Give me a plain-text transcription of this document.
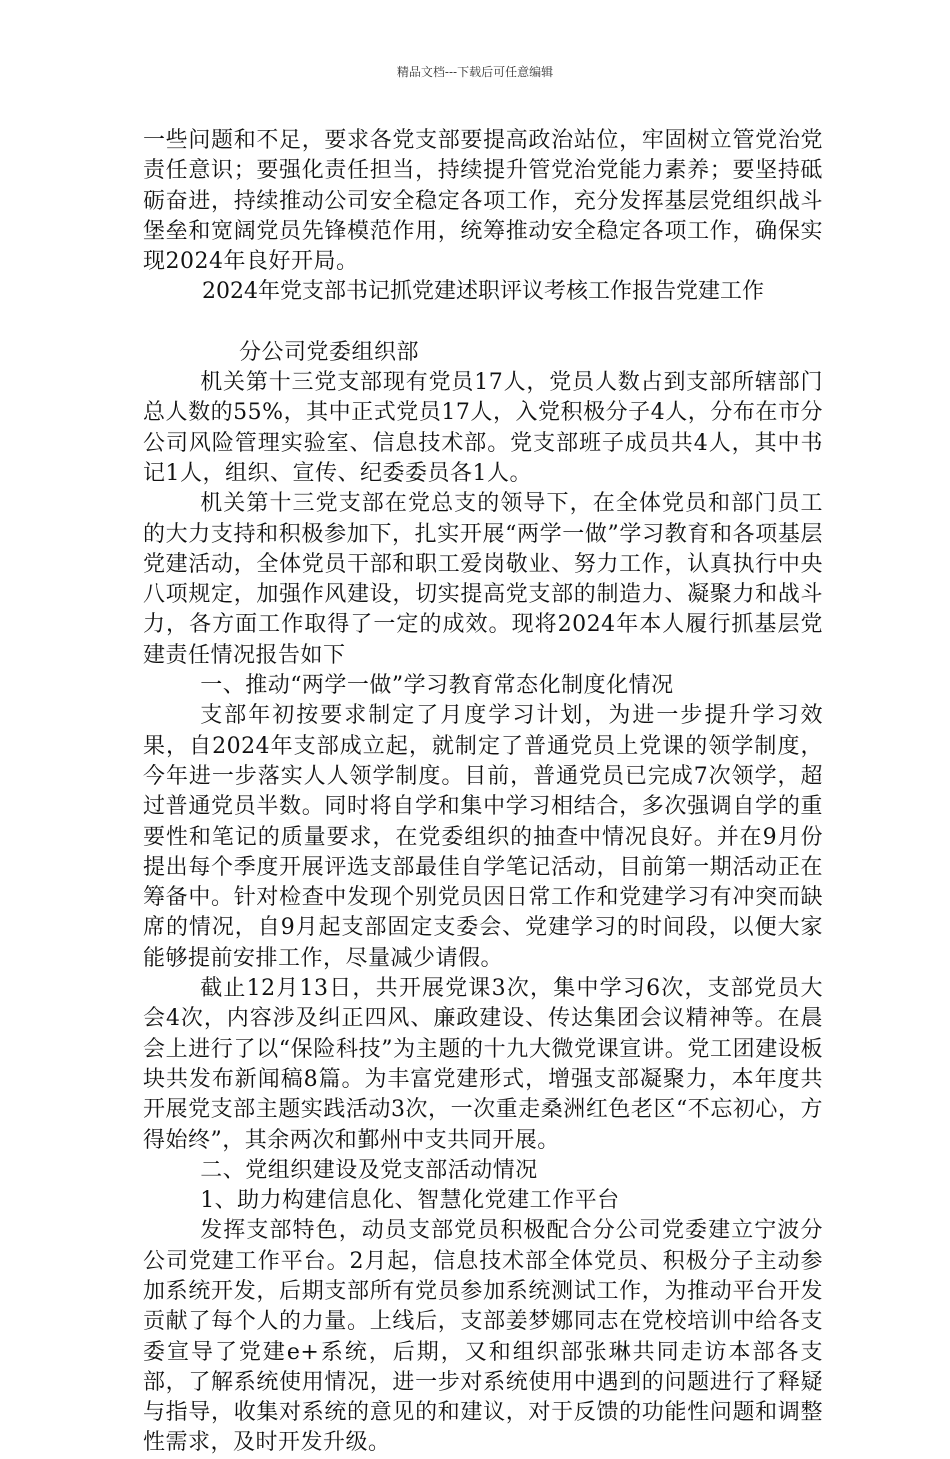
精品文档---下载后可任意编辑

一些问题和不足，要求各党支部要提高政治站位，牢固树立管党治党责任意识；要强化责任担当，持续提升管党治党能力素养；要坚持砥砺奋进，持续推动公司安全稳定各项工作，充分发挥基层党组织战斗堡垒和宽阔党员先锋模范作用，统筹推动安全稳定各项工作，确保实现2024年良好开局。

2024年党支部书记抓党建述职评议考核工作报告党建工作

分公司党委组织部

机关第十三党支部现有党员17人，党员人数占到支部所辖部门总人数的55%，其中正式党员17人，入党积极分子4人，分布在市分公司风险管理实验室、信息技术部。党支部班子成员共4人，其中书记1人，组织、宣传、纪委委员各1人。

机关第十三党支部在党总支的领导下，在全体党员和部门员工的大力支持和积极参加下，扎实开展“两学一做”学习教育和各项基层党建活动，全体党员干部和职工爱岗敬业、努力工作，认真执行中央八项规定，加强作风建设，切实提高党支部的制造力、凝聚力和战斗力，各方面工作取得了一定的成效。现将2024年本人履行抓基层党建责任情况报告如下

一、推动“两学一做”学习教育常态化制度化情况

支部年初按要求制定了月度学习计划，为进一步提升学习效果，自2024年支部成立起，就制定了普通党员上党课的领学制度，今年进一步落实人人领学制度。目前，普通党员已完成7次领学，超过普通党员半数。同时将自学和集中学习相结合，多次强调自学的重要性和笔记的质量要求，在党委组织的抽查中情况良好。并在9月份提出每个季度开展评选支部最佳自学笔记活动，目前第一期活动正在筹备中。针对检查中发现个别党员因日常工作和党建学习有冲突而缺席的情况，自9月起支部固定支委会、党建学习的时间段，以便大家能够提前安排工作，尽量减少请假。

截止12月13日，共开展党课3次，集中学习6次，支部党员大会4次，内容涉及纠正四风、廉政建设、传达集团会议精神等。在晨会上进行了以“保险科技”为主题的十九大微党课宣讲。党工团建设板块共发布新闻稿8篇。为丰富党建形式，增强支部凝聚力，本年度共开展党支部主题实践活动3次，一次重走桑洲红色老区“不忘初心，方得始终”，其余两次和鄞州中支共同开展。

二、党组织建设及党支部活动情况

1、助力构建信息化、智慧化党建工作平台

发挥支部特色，动员支部党员积极配合分公司党委建立宁波分公司党建工作平台。2月起，信息技术部全体党员、积极分子主动参加系统开发，后期支部所有党员参加系统测试工作，为推动平台开发贡献了每个人的力量。上线后，支部姜梦娜同志在党校培训中给各支委宣导了党建e+系统，后期，又和组织部张琳共同走访本部各支部，了解系统使用情况，进一步对系统使用中遇到的问题进行了释疑与指导，收集对系统的意见的和建议，对于反馈的功能性问题和调整性需求，及时开发升级。
